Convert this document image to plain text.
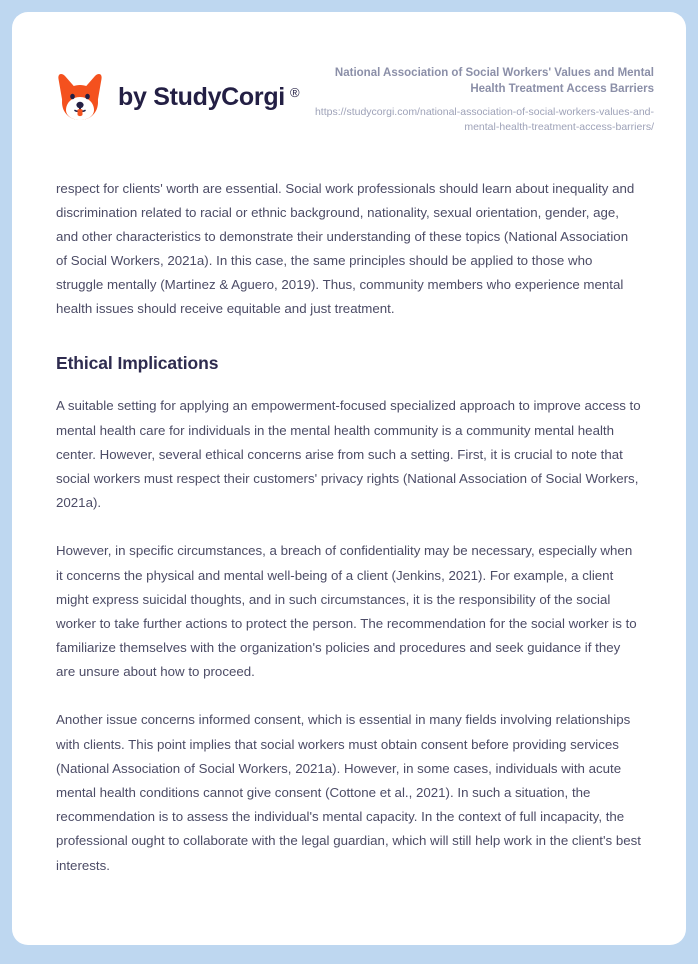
by StudyCorgi ®
National Association of Social Workers' Values and Mental Health Treatment Access Barriers
https://studycorgi.com/national-association-of-social-workers-values-and-mental-health-treatment-access-barriers/

respect for clients' worth are essential. Social work professionals should learn about inequality and discrimination related to racial or ethnic background, nationality, sexual orientation, gender, age, and other characteristics to demonstrate their understanding of these topics (National Association of Social Workers, 2021a). In this case, the same principles should be applied to those who struggle mentally (Martinez & Aguero, 2019). Thus, community members who experience mental health issues should receive equitable and just treatment.

Ethical Implications

A suitable setting for applying an empowerment-focused specialized approach to improve access to mental health care for individuals in the mental health community is a community mental health center. However, several ethical concerns arise from such a setting. First, it is crucial to note that social workers must respect their customers' privacy rights (National Association of Social Workers, 2021a).

However, in specific circumstances, a breach of confidentiality may be necessary, especially when it concerns the physical and mental well-being of a client (Jenkins, 2021). For example, a client might express suicidal thoughts, and in such circumstances, it is the responsibility of the social worker to take further actions to protect the person. The recommendation for the social worker is to familiarize themselves with the organization's policies and procedures and seek guidance if they are unsure about how to proceed.

Another issue concerns informed consent, which is essential in many fields involving relationships with clients. This point implies that social workers must obtain consent before providing services (National Association of Social Workers, 2021a). However, in some cases, individuals with acute mental health conditions cannot give consent (Cottone et al., 2021). In such a situation, the recommendation is to assess the individual's mental capacity. In the context of full incapacity, the professional ought to collaborate with the legal guardian, which will still help work in the client's best interests.
